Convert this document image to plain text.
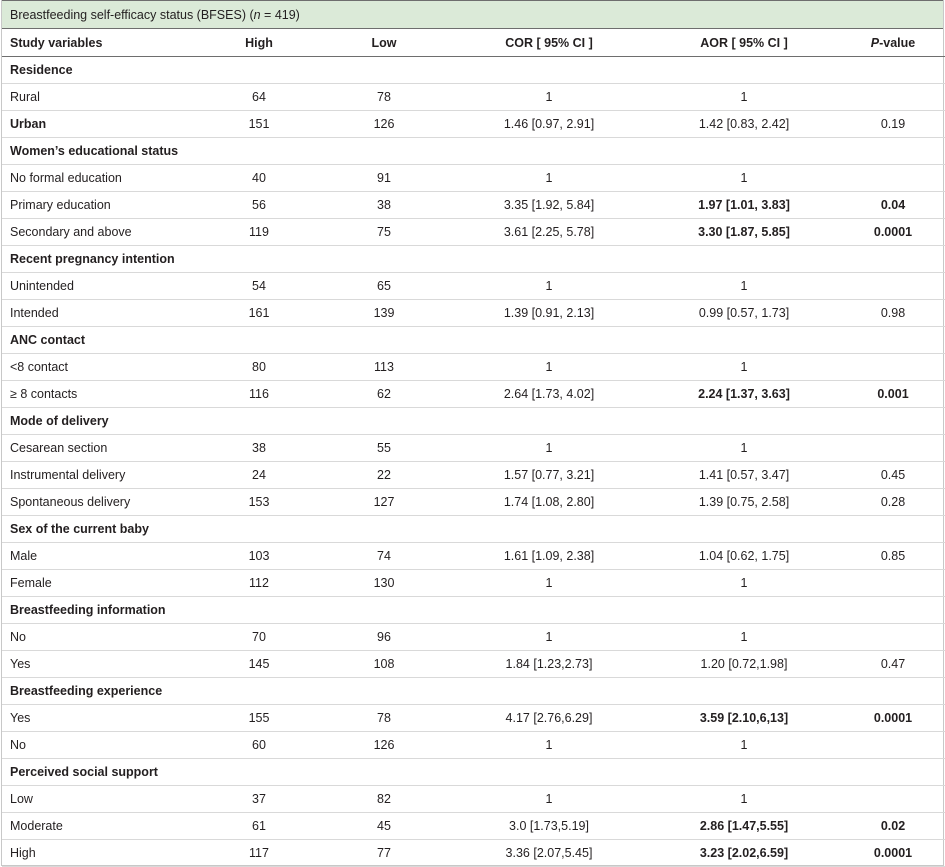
Breastfeeding self-efficacy status (BFSES) (n = 419)
Study variables	High	Low	COR [ 95% CI ]	AOR [ 95% CI ]	P-value
Residence					
Rural	64	78	1	1	
Urban	151	126	1.46 [0.97, 2.91]	1.42 [0.83, 2.42]	0.19
Women’s educational status					
No formal education	40	91	1	1	
Primary education	56	38	3.35 [1.92, 5.84]	1.97 [1.01, 3.83]	0.04
Secondary and above	119	75	3.61 [2.25, 5.78]	3.30 [1.87, 5.85]	0.0001
Recent pregnancy intention					
Unintended	54	65	1	1	
Intended	161	139	1.39 [0.91, 2.13]	0.99 [0.57, 1.73]	0.98
ANC contact					
<8 contact	80	113	1	1	
≥ 8 contacts	116	62	2.64 [1.73, 4.02]	2.24 [1.37, 3.63]	0.001
Mode of delivery					
Cesarean section	38	55	1	1	
Instrumental delivery	24	22	1.57 [0.77, 3.21]	1.41 [0.57, 3.47]	0.45
Spontaneous delivery	153	127	1.74 [1.08, 2.80]	1.39 [0.75, 2.58]	0.28
Sex of the current baby					
Male	103	74	1.61 [1.09, 2.38]	1.04 [0.62, 1.75]	0.85
Female	112	130	1	1	
Breastfeeding information					
No	70	96	1	1	
Yes	145	108	1.84 [1.23,2.73]	1.20 [0.72,1.98]	0.47
Breastfeeding experience					
Yes	155	78	4.17 [2.76,6.29]	3.59 [2.10,6,13]	0.0001
No	60	126	1	1	
Perceived social support					
Low	37	82	1	1	
Moderate	61	45	3.0 [1.73,5.19]	2.86 [1.47,5.55]	0.02
High	117	77	3.36 [2.07,5.45]	3.23 [2.02,6.59]	0.0001
